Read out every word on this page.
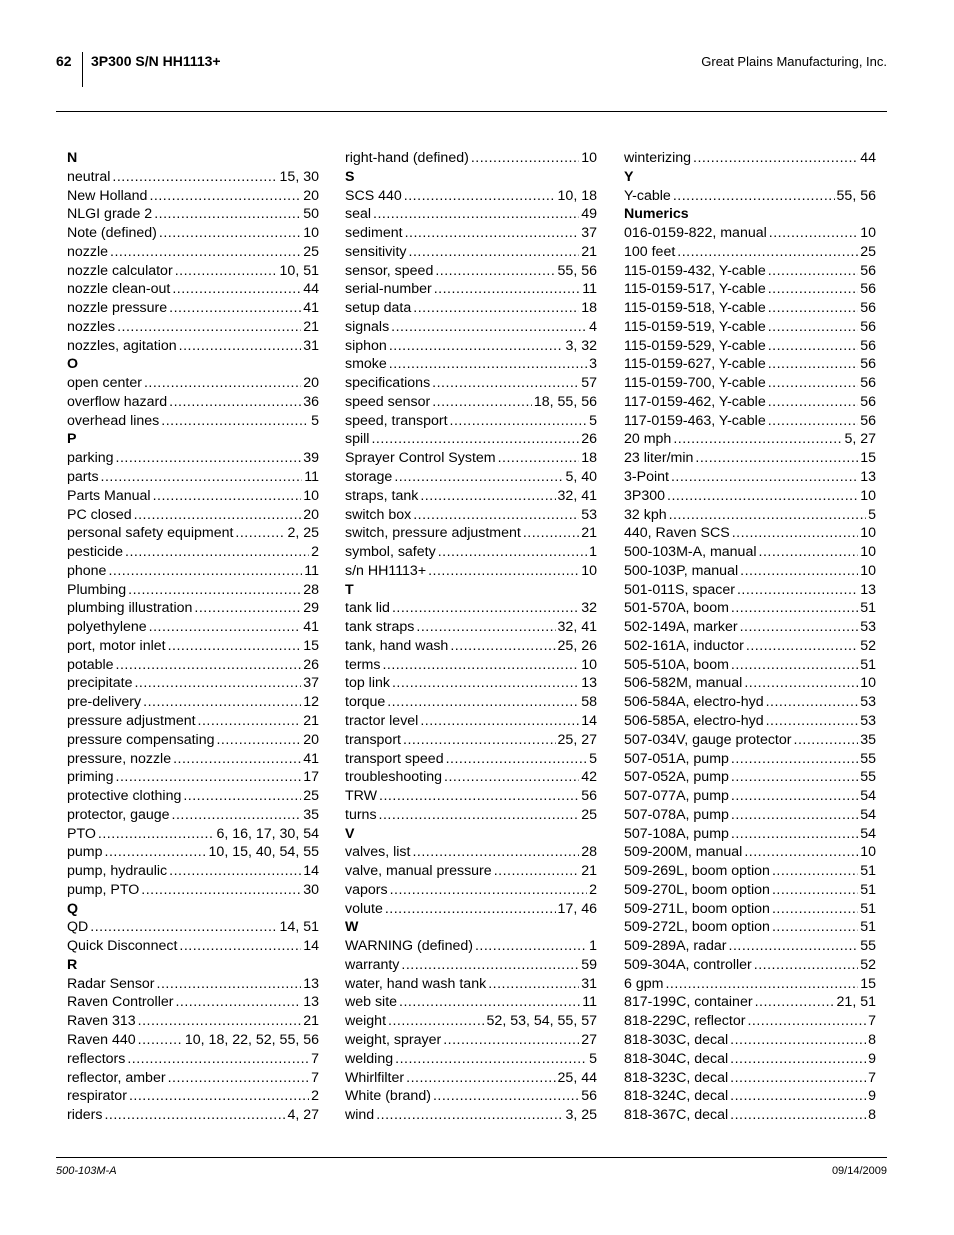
62 3P300 S/N HH1113+	Great Plains Manufacturing, Inc.
N
neutral .....	15, 30
New Holland .....	20
NLGI grade 2 .....	50
Note (defined) .....	10
nozzle .....	25
nozzle calculator .....	10, 51
nozzle clean-out .....	44
nozzle pressure .....	41
nozzles .....	21
nozzles, agitation .....	31
O
open center .....	20
overflow hazard .....	36
overhead lines .....	5
P
parking .....	39
parts .....	11
Parts Manual .....	10
PC closed .....	20
personal safety equipment .....	2, 25
pesticide .....	2
phone .....	11
Plumbing .....	28
plumbing illustration .....	29
polyethylene .....	41
port, motor inlet .....	15
potable .....	26
precipitate .....	37
pre-delivery .....	12
pressure adjustment .....	21
pressure compensating .....	20
pressure, nozzle .....	41
priming .....	17
protective clothing .....	25
protector, gauge .....	35
PTO .....	6, 16, 17, 30, 54
pump .....	10, 15, 40, 54, 55
pump, hydraulic .....	14
pump, PTO .....	30
Q
QD .....	14, 51
Quick Disconnect .....	14
R
Radar Sensor .....	13
Raven Controller .....	13
Raven 313 .....	21
Raven 440 .....	10, 18, 22, 52, 55, 56
reflectors .....	7
reflector, amber .....	7
respirator .....	2
riders .....	4, 27
right-hand (defined) .....	10
S
SCS 440 .....	10, 18
seal .....	49
sediment .....	37
sensitivity .....	21
sensor, speed .....	55, 56
serial-number .....	11
setup data .....	18
signals .....	4
siphon .....	3, 32
smoke .....	3
specifications .....	57
speed sensor .....	18, 55, 56
speed, transport .....	5
spill .....	26
Sprayer Control System .....	18
storage .....	5, 40
straps, tank .....	32, 41
switch box .....	53
switch, pressure adjustment .....	21
symbol, safety .....	1
s/n HH1113+ .....	10
T
tank lid .....	32
tank straps .....	32, 41
tank, hand wash .....	25, 26
terms .....	10
top link .....	13
torque .....	58
tractor level .....	14
transport .....	25, 27
transport speed .....	5
troubleshooting .....	42
TRW .....	56
turns .....	25
V
valves, list .....	28
valve, manual pressure .....	21
vapors .....	2
volute .....	17, 46
W
WARNING (defined) .....	1
warranty .....	59
water, hand wash tank .....	31
web site .....	11
weight .....	52, 53, 54, 55, 57
weight, sprayer .....	27
welding .....	5
Whirlfilter .....	25, 44
White (brand) .....	56
wind .....	3, 25
winterizing .....	44
Y
Y-cable .....	55, 56
Numerics
016-0159-822, manual .....	10
100 feet .....	25
115-0159-432, Y-cable .....	56
115-0159-517, Y-cable .....	56
115-0159-518, Y-cable .....	56
115-0159-519, Y-cable .....	56
115-0159-529, Y-cable .....	56
115-0159-627, Y-cable .....	56
115-0159-700, Y-cable .....	56
117-0159-462, Y-cable .....	56
117-0159-463, Y-cable .....	56
20 mph .....	5, 27
23 liter/min .....	15
3-Point .....	13
3P300 .....	10
32 kph .....	5
440, Raven SCS .....	10
500-103M-A, manual .....	10
500-103P, manual .....	10
501-011S, spacer .....	13
501-570A, boom .....	51
502-149A, marker .....	53
502-161A, inductor .....	52
505-510A, boom .....	51
506-582M, manual .....	10
506-584A, electro-hyd .....	53
506-585A, electro-hyd .....	53
507-034V, gauge protector .....	35
507-051A, pump .....	55
507-052A, pump .....	55
507-077A, pump .....	54
507-078A, pump .....	54
507-108A, pump .....	54
509-200M, manual .....	10
509-269L, boom option .....	51
509-270L, boom option .....	51
509-271L, boom option .....	51
509-272L, boom option .....	51
509-289A, radar .....	55
509-304A, controller .....	52
6 gpm .....	15
817-199C, container .....	21, 51
818-229C, reflector .....	7
818-303C, decal .....	8
818-304C, decal .....	9
818-323C, decal .....	7
818-324C, decal .....	9
818-367C, decal .....	8
500-103M-A	09/14/2009
